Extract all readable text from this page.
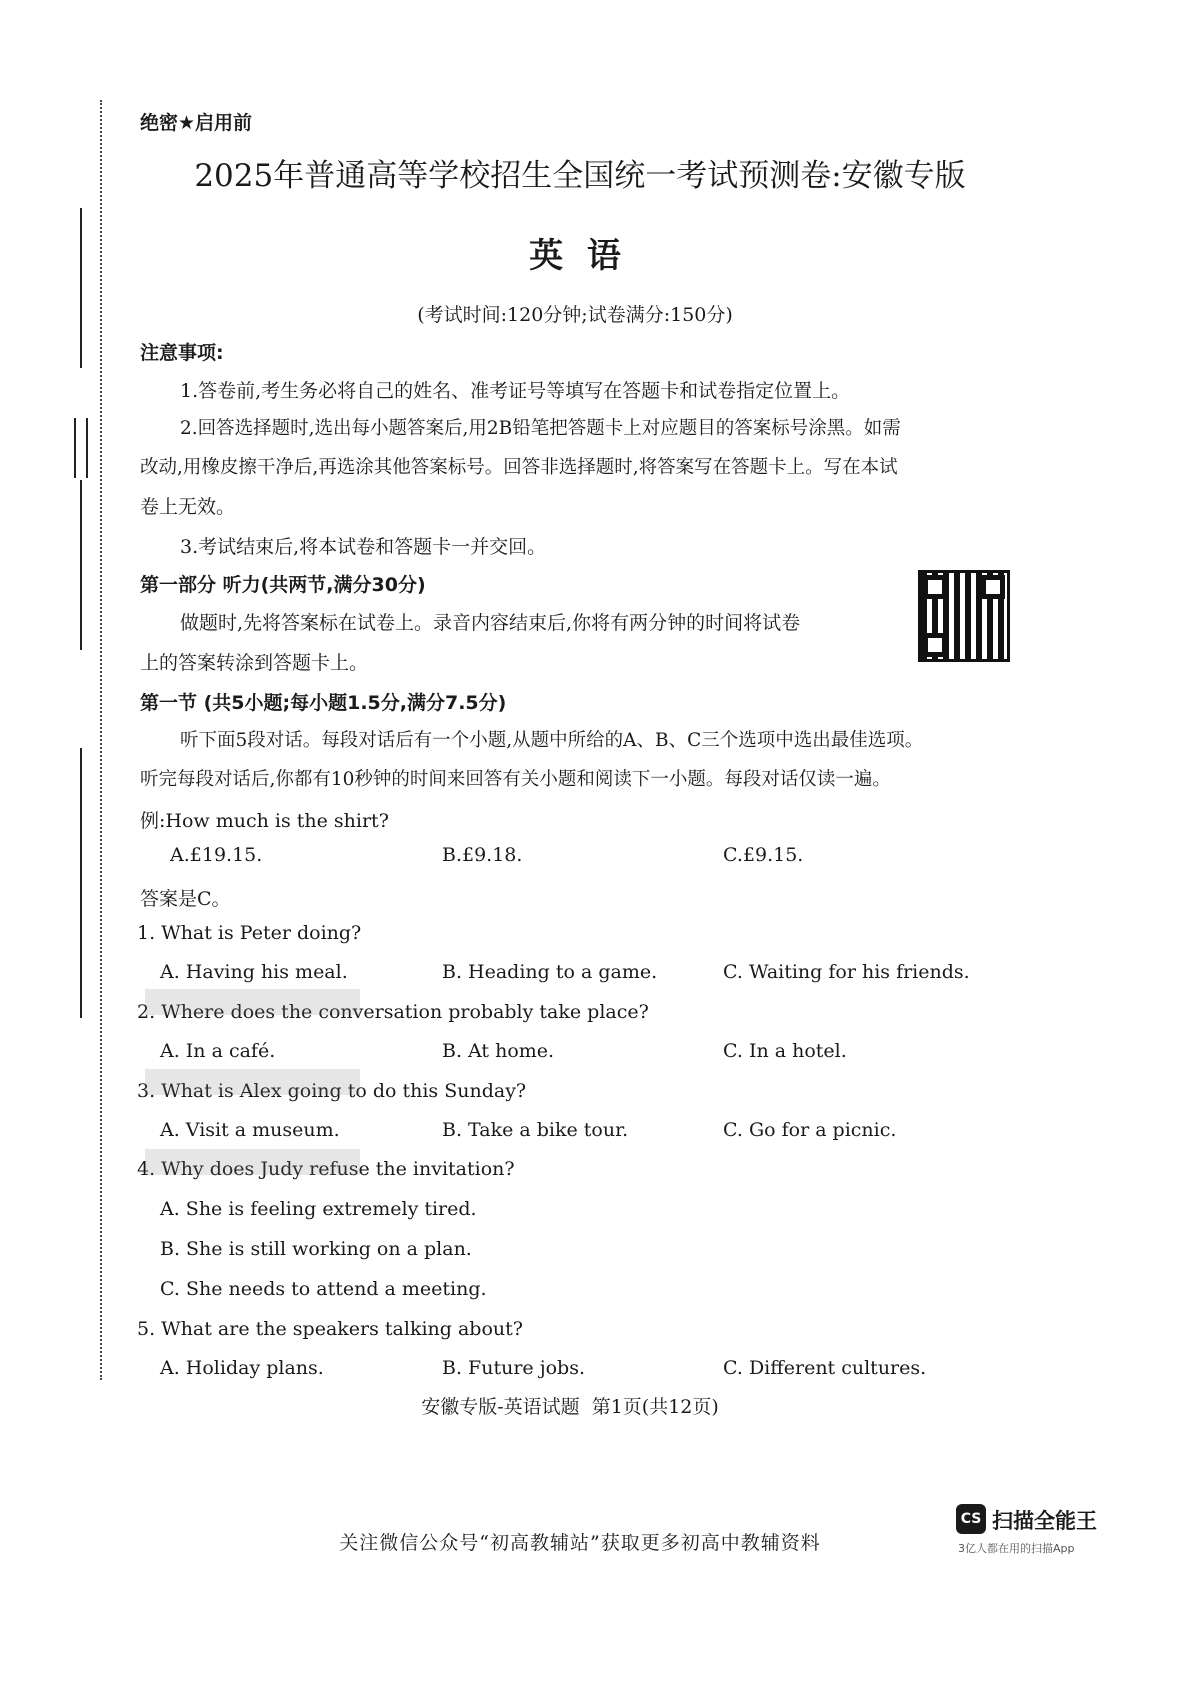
绝密★启用前
2025年普通高等学校招生全国统一考试预测卷:安徽专版
英  语
(考试时间:120分钟;试卷满分:150分)
注意事项:
1.答卷前,考生务必将自己的姓名、准考证号等填写在答题卡和试卷指定位置上。
2.回答选择题时,选出每小题答案后,用2B铅笔把答题卡上对应题目的答案标号涂黑。如需
改动,用橡皮擦干净后,再选涂其他答案标号。回答非选择题时,将答案写在答题卡上。写在本试
卷上无效。
3.考试结束后,将本试卷和答题卡一并交回。
第一部分 听力(共两节,满分30分)
做题时,先将答案标在试卷上。录音内容结束后,你将有两分钟的时间将试卷
上的答案转涂到答题卡上。
第一节 (共5小题;每小题1.5分,满分7.5分)
听下面5段对话。每段对话后有一个小题,从题中所给的A、B、C三个选项中选出最佳选项。
听完每段对话后,你都有10秒钟的时间来回答有关小题和阅读下一小题。每段对话仅读一遍。
例:How much is the shirt?
A.£19.15.	B.£9.18.	C.£9.15.
答案是C。
1. What is Peter doing?
A. Having his meal.	B. Heading to a game.	C. Waiting for his friends.
2. Where does the conversation probably take place?
A. In a café.	B. At home.	C. In a hotel.
3. What is Alex going to do this Sunday?
A. Visit a museum.	B. Take a bike tour.	C. Go for a picnic.
4. Why does Judy refuse the invitation?
A. She is feeling extremely tired.
B. She is still working on a plan.
C. She needs to attend a meeting.
5. What are the speakers talking about?
A. Holiday plans.	B. Future jobs.	C. Different cultures.
安徽专版-英语试题  第1页(共12页)
关注微信公众号“初高教辅站”获取更多初高中教辅资料
CS 扫描全能王
3亿人都在用的扫描App
